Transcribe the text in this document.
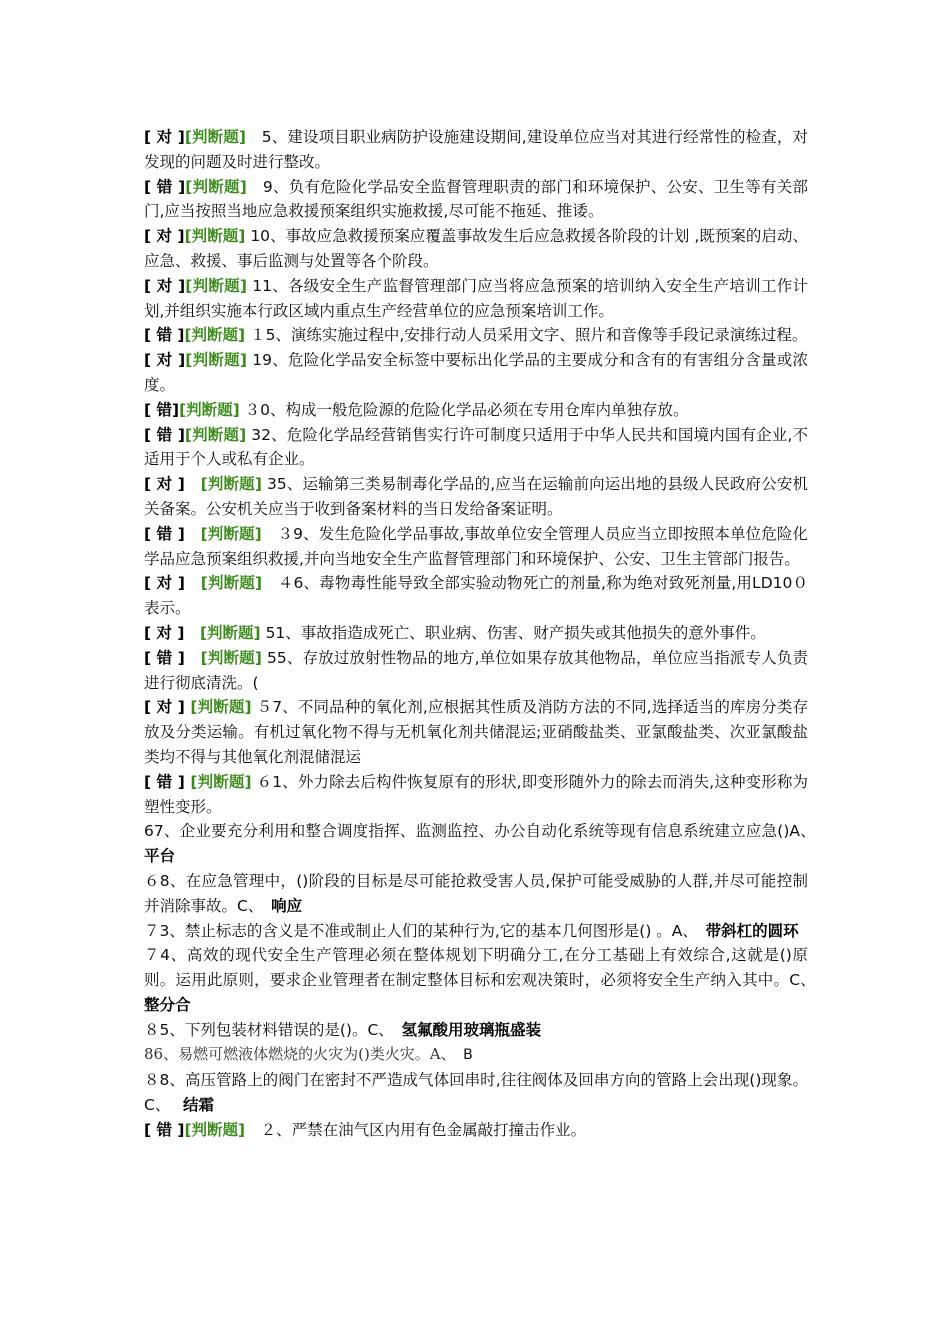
[ 对 ][判断题]　5、建设项目职业病防护设施建设期间,建设单位应当对其进行经常性的检查，对发现的问题及时进行整改。

[ 错 ][判断题]　9、负有危险化学品安全监督管理职责的部门和环境保护、公安、卫生等有关部门,应当按照当地应急救援预案组织实施救援,尽可能不拖延、推诿。

[ 对 ][判断题] 10、事故应急救援预案应覆盖事故发生后应急救援各阶段的计划 ,既预案的启动、应急、救援、事后监测与处置等各个阶段。

[ 对 ][判断题] 11、各级安全生产监督管理部门应当将应急预案的培训纳入安全生产培训工作计划,并组织实施本行政区域内重点生产经营单位的应急预案培训工作。

[ 错 ][判断题] １5、演练实施过程中,安排行动人员采用文字、照片和音像等手段记录演练过程。

[ 对 ][判断题] 19、危险化学品安全标签中要标出化学品的主要成分和含有的有害组分含量或浓度。

[ 错][判断题] ３0、构成一般危险源的危险化学品必须在专用仓库内单独存放。

[ 错 ][判断题] 32、危险化学品经营销售实行许可制度只适用于中华人民共和国境内国有企业,不适用于个人或私有企业。

[ 对 ]　[判断题] 35、运输第三类易制毒化学品的,应当在运输前向运出地的县级人民政府公安机关备案。公安机关应当于收到备案材料的当日发给备案证明。

[ 错 ]　[判断题]　３9、发生危险化学品事故,事故单位安全管理人员应当立即按照本单位危险化学品应急预案组织救援,并向当地安全生产监督管理部门和环境保护、公安、卫生主管部门报告。

[ 对 ]　[判断题]　４6、毒物毒性能导致全部实验动物死亡的剂量,称为绝对致死剂量,用LD10０表示。

[ 对 ]　[判断题] 51、事故指造成死亡、职业病、伤害、财产损失或其他损失的意外事件。

[ 错 ]　[判断题] 55、存放过放射性物品的地方,单位如果存放其他物品，单位应当指派专人负责进行彻底清洗。(

[ 对 ] [判断题] ５7、不同品种的氧化剂,应根据其性质及消防方法的不同,选择适当的库房分类存放及分类运输。有机过氧化物不得与无机氧化剂共储混运;亚硝酸盐类、亚氯酸盐类、次亚氯酸盐类均不得与其他氧化剂混储混运

[ 错 ] [判断题] ６1、外力除去后构件恢复原有的形状,即变形随外力的除去而消失,这种变形称为塑性变形。

67、企业要充分利用和整合调度指挥、监测监控、办公自动化系统等现有信息系统建立应急()A、　平台

６8、在应急管理中，()阶段的目标是尽可能抢救受害人员,保护可能受威胁的人群,并尽可能控制并消除事故。C、　响应

７3、禁止标志的含义是不准或制止人们的某种行为,它的基本几何图形是() 。A、　带斜杠的圆环

７4、高效的现代安全生产管理必须在整体规划下明确分工,在分工基础上有效综合,这就是()原则。运用此原则，要求企业管理者在制定整体目标和宏观决策时，必须将安全生产纳入其中。C、　整分合

８5、下列包装材料错误的是()。C、　氢氟酸用玻璃瓶盛装

86、易燃可燃液体燃烧的火灾为()类火灾。A、　B

８8、高压管路上的阀门在密封不严造成气体回串时,往往阀体及回串方向的管路上会出现()现象。C、　 结霜

[ 错 ][判断题]　２、严禁在油气区内用有色金属敲打撞击作业。
